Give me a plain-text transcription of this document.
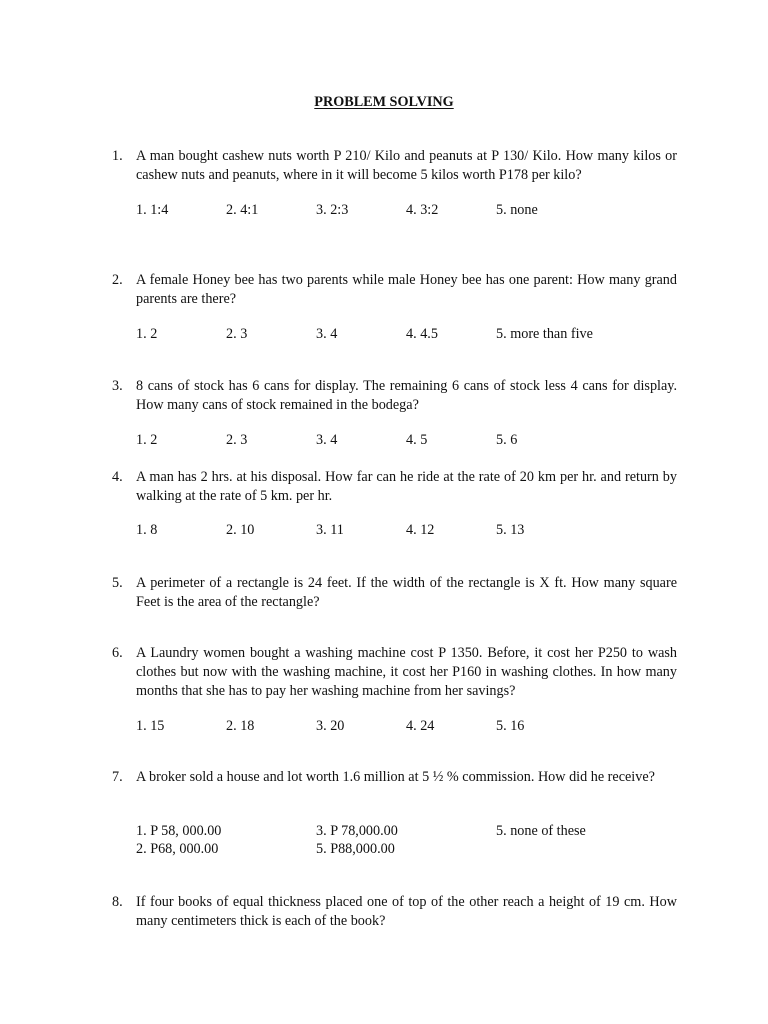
PROBLEM SOLVING
1. A man bought cashew nuts worth P 210/ Kilo and peanuts at P 130/ Kilo. How many kilos or cashew nuts and peanuts, where in it will become 5 kilos worth P178 per kilo?
1. 1:4	2. 4:1	3. 2:3	4. 3:2	5. none
2. A female Honey bee has two parents while male Honey bee has one parent: How many grand parents are there?
1. 2	2. 3	3. 4	4. 4.5	5. more than five
3. 8 cans of stock has 6 cans for display. The remaining 6 cans of stock less 4 cans for display. How many cans of stock remained in the bodega?
1. 2	2. 3	3. 4	4. 5	5. 6
4. A man has 2 hrs. at his disposal. How far can he ride at the rate of 20 km per hr. and return by walking at the rate of 5 km. per hr.
1. 8	2. 10	3. 11	4. 12	5. 13
5. A perimeter of a rectangle is 24 feet. If the width of the rectangle is X ft. How many square Feet is the area of the rectangle?
6. A Laundry women bought a washing machine cost P 1350. Before, it cost her P250 to wash clothes but now with the washing machine, it cost her P160 in washing clothes. In how many months that she has to pay her washing machine from her savings?
1. 15	2. 18	3. 20	4. 24	5. 16
7. A broker sold a house and lot worth 1.6 million at 5 ½ % commission. How did he receive?
1. P 58, 000.00	3. P 78,000.00	5. none of these
2. P68, 000.00	5. P88,000.00
8. If four books of equal thickness placed one of top of the other reach a height of 19 cm. How many centimeters thick is each of the book?
